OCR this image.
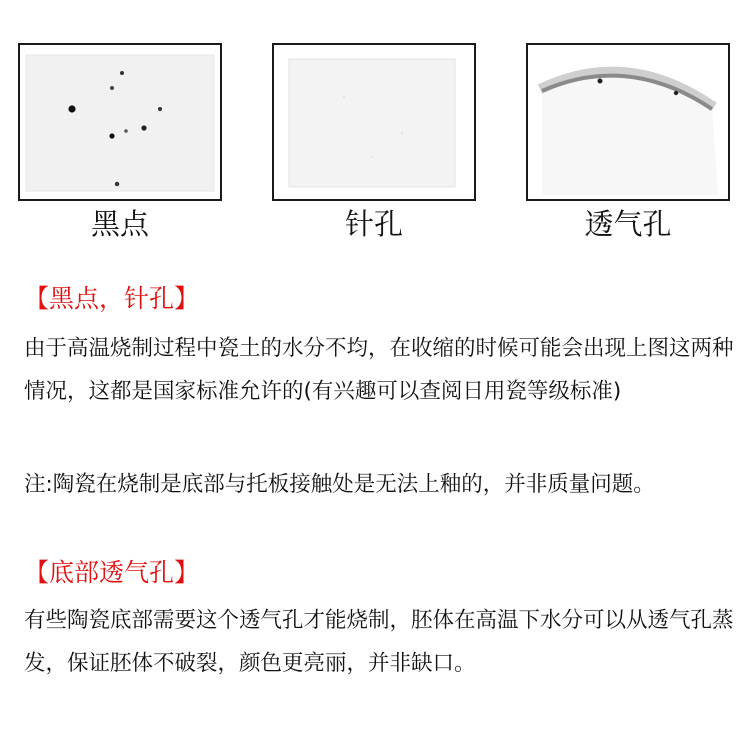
黑点	针孔	透气孔
【黑点，针孔】

由于高温烧制过程中瓷土的水分不均，在收缩的时候可能会出现上图这两种情况，这都是国家标准允许的(有兴趣可以查阅日用瓷等级标准)

注:陶瓷在烧制是底部与托板接触处是无法上釉的，并非质量问题。

【底部透气孔】

有些陶瓷底部需要这个透气孔才能烧制，胚体在高温下水分可以从透气孔蒸发，保证胚体不破裂，颜色更亮丽，并非缺口。
